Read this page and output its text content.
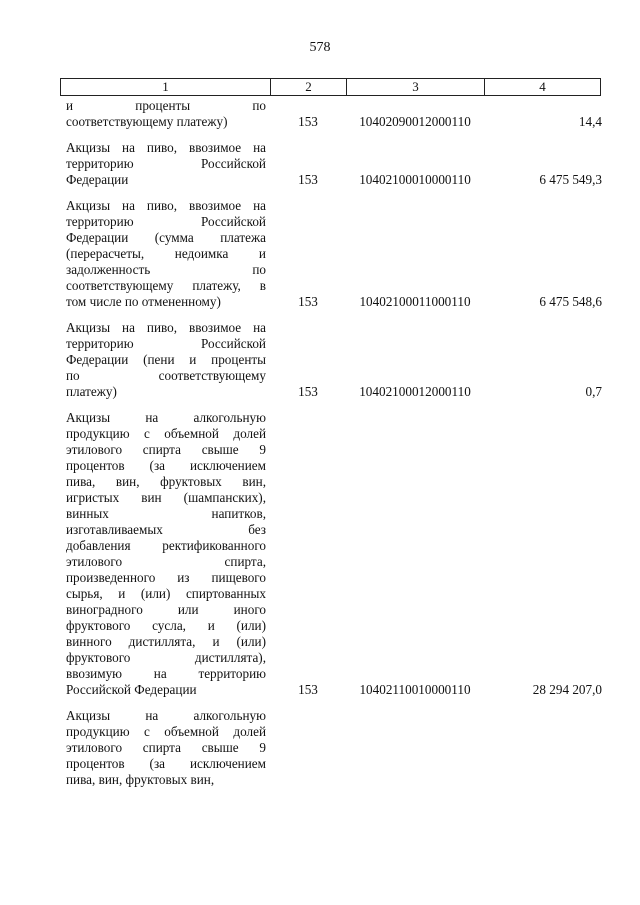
578
1	2	3	4
и проценты по
соответствующему платежу)	153	10402090012000110	14,4
Акцизы на пиво, ввозимое на
территорию Российской
Федерации	153	10402100010000110	6 475 549,3
Акцизы на пиво, ввозимое на
территорию Российской
Федерации (сумма платежа
(перерасчеты, недоимка и
задолженность по
соответствующему платежу, в
том числе по отмененному)	153	10402100011000110	6 475 548,6
Акцизы на пиво, ввозимое на
территорию Российской
Федерации (пени и проценты
по соответствующему
платежу)	153	10402100012000110	0,7
Акцизы на алкогольную
продукцию с объемной долей
этилового спирта свыше 9
процентов (за исключением
пива, вин, фруктовых вин,
игристых вин (шампанских),
винных напитков,
изготавливаемых без
добавления ректификованного
этилового спирта,
произведенного из пищевого
сырья, и (или) спиртованных
виноградного или иного
фруктового сусла, и (или)
винного дистиллята, и (или)
фруктового дистиллята),
ввозимую на территорию
Российской Федерации	153	10402110010000110	28 294 207,0
Акцизы на алкогольную
продукцию с объемной долей
этилового спирта свыше 9
процентов (за исключением
пива, вин, фруктовых вин,
